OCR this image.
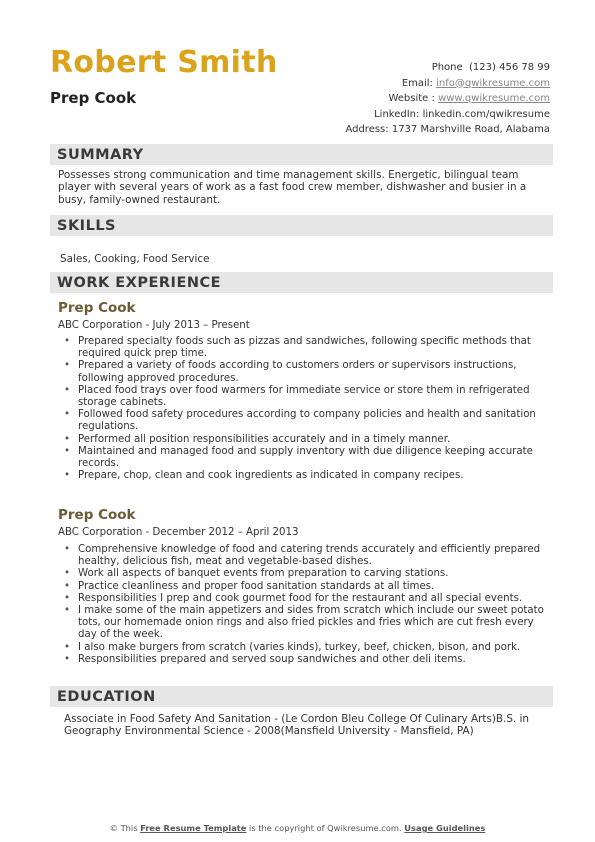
Robert Smith
Prep Cook
Phone (123) 456 78 99
Email: info@qwikresume.com
Website : www.qwikresume.com
LinkedIn: linkedin.com/qwikresume
Address: 1737 Marshville Road, Alabama
SUMMARY
Possesses strong communication and time management skills. Energetic, bilingual team player with several years of work as a fast food crew member, dishwasher and busier in a busy, family-owned restaurant.
SKILLS
Sales, Cooking, Food Service
WORK EXPERIENCE
Prep Cook
ABC Corporation - July 2013 – Present
• Prepared specialty foods such as pizzas and sandwiches, following specific methods that required quick prep time.
• Prepared a variety of foods according to customers orders or supervisors instructions, following approved procedures.
• Placed food trays over food warmers for immediate service or store them in refrigerated storage cabinets.
• Followed food safety procedures according to company policies and health and sanitation regulations.
• Performed all position responsibilities accurately and in a timely manner.
• Maintained and managed food and supply inventory with due diligence keeping accurate records.
• Prepare, chop, clean and cook ingredients as indicated in company recipes.
Prep Cook
ABC Corporation - December 2012 – April 2013
• Comprehensive knowledge of food and catering trends accurately and efficiently prepared healthy, delicious fish, meat and vegetable-based dishes.
• Work all aspects of banquet events from preparation to carving stations.
• Practice cleanliness and proper food sanitation standards at all times.
• Responsibilities I prep and cook gourmet food for the restaurant and all special events.
• I make some of the main appetizers and sides from scratch which include our sweet potato tots, our homemade onion rings and also fried pickles and fries which are cut fresh every day of the week.
• I also make burgers from scratch (varies kinds), turkey, beef, chicken, bison, and pork.
• Responsibilities prepared and served soup sandwiches and other deli items.
EDUCATION
Associate in Food Safety And Sanitation - (Le Cordon Bleu College Of Culinary Arts)B.S. in Geography Environmental Science - 2008(Mansfield University - Mansfield, PA)
© This Free Resume Template is the copyright of Qwikresume.com. Usage Guidelines
